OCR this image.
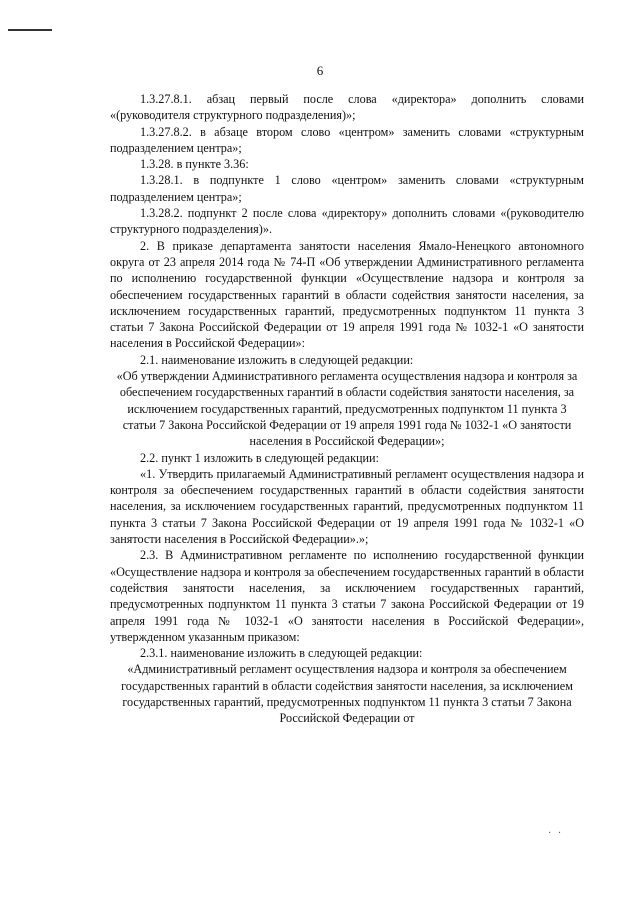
6

1.3.27.8.1. абзац первый после слова «директора» дополнить словами «(руководителя структурного подразделения)»;

1.3.27.8.2. в абзаце втором слово «центром» заменить словами «структурным подразделением центра»;

1.3.28. в пункте 3.36:

1.3.28.1. в подпункте 1 слово «центром» заменить словами «структурным подразделением центра»;

1.3.28.2. подпункт 2 после слова «директору» дополнить словами «(руководителю структурного подразделения)».

2. В приказе департамента занятости населения Ямало-Ненецкого автономного округа от 23 апреля 2014 года № 74-П «Об утверждении Административного регламента по исполнению государственной функции «Осуществление надзора и контроля за обеспечением государственных гарантий в области содействия занятости населения, за исключением государственных гарантий, предусмотренных подпунктом 11 пункта 3 статьи 7 Закона Российской Федерации от 19 апреля 1991 года № 1032-1 «О занятости населения в Российской Федерации»:

2.1. наименование изложить в следующей редакции:

«Об утверждении Административного регламента осуществления надзора и контроля за обеспечением государственных гарантий в области содействия занятости населения, за исключением государственных гарантий, предусмотренных подпунктом 11 пункта 3 статьи 7 Закона Российской Федерации от 19 апреля 1991 года № 1032-1 «О занятости населения в Российской Федерации»;

2.2. пункт 1 изложить в следующей редакции:

«1. Утвердить прилагаемый Административный регламент осуществления надзора и контроля за обеспечением государственных гарантий в области содействия занятости населения, за исключением государственных гарантий, предусмотренных подпунктом 11 пункта 3 статьи 7 Закона Российской Федерации от 19 апреля 1991 года № 1032-1 «О занятости населения в Российской Федерации».»;

2.3. В Административном регламенте по исполнению государственной функции «Осуществление надзора и контроля за обеспечением государственных гарантий в области содействия занятости населения, за исключением государственных гарантий, предусмотренных подпунктом 11 пункта 3 статьи 7 закона Российской Федерации от 19 апреля 1991 года № 1032-1 «О занятости населения в Российской Федерации», утвержденном указанным приказом:

2.3.1. наименование изложить в следующей редакции:

«Административный регламент осуществления надзора и контроля за обеспечением государственных гарантий в области содействия занятости населения, за исключением государственных гарантий, предусмотренных подпунктом 11 пункта 3 статьи 7 Закона Российской Федерации от

· ·
